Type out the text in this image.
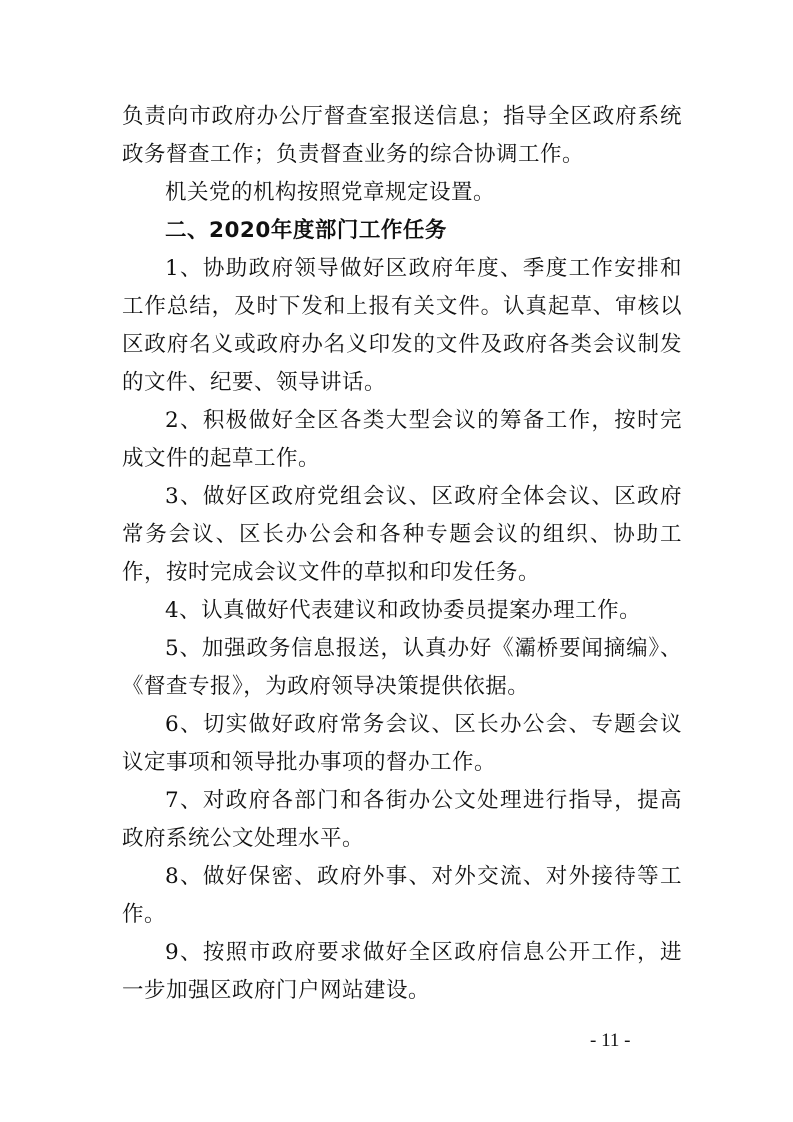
负责向市政府办公厅督查室报送信息；指导全区政府系统政务督查工作；负责督查业务的综合协调工作。

机关党的机构按照党章规定设置。

二、2020年度部门工作任务

1、协助政府领导做好区政府年度、季度工作安排和工作总结，及时下发和上报有关文件。认真起草、审核以区政府名义或政府办名义印发的文件及政府各类会议制发的文件、纪要、领导讲话。

2、积极做好全区各类大型会议的筹备工作，按时完成文件的起草工作。

3、做好区政府党组会议、区政府全体会议、区政府常务会议、区长办公会和各种专题会议的组织、协助工作，按时完成会议文件的草拟和印发任务。

4、认真做好代表建议和政协委员提案办理工作。

5、加强政务信息报送，认真办好《灞桥要闻摘编》、《督查专报》，为政府领导决策提供依据。

6、切实做好政府常务会议、区长办公会、专题会议议定事项和领导批办事项的督办工作。

7、对政府各部门和各街办公文处理进行指导，提高政府系统公文处理水平。

8、做好保密、政府外事、对外交流、对外接待等工作。

9、按照市政府要求做好全区政府信息公开工作，进一步加强区政府门户网站建设。

- 11 -
